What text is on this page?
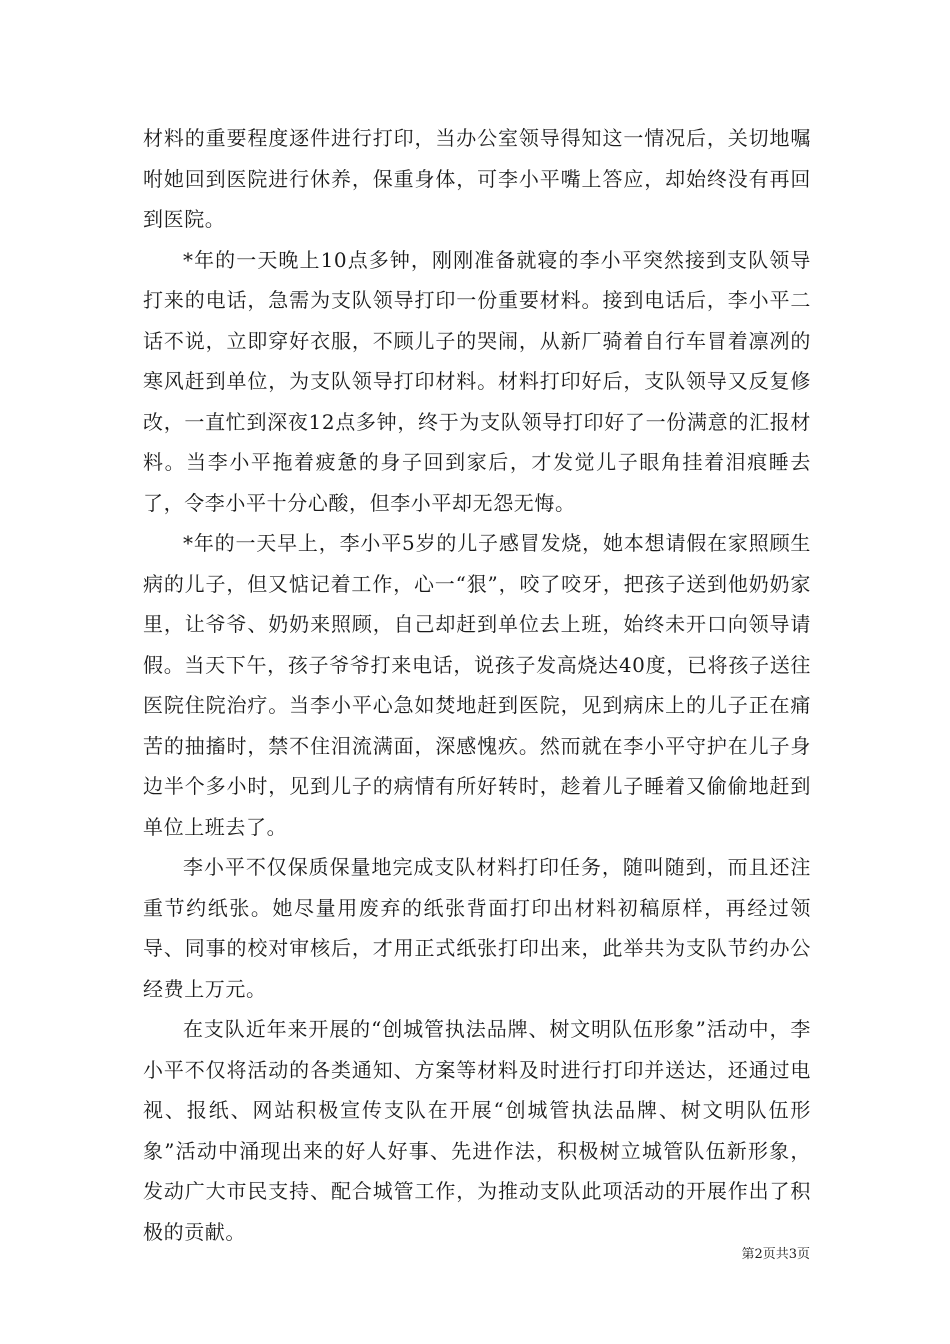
材料的重要程度逐件进行打印，当办公室领导得知这一情况后，关切地嘱咐她回到医院进行休养，保重身体，可李小平嘴上答应，却始终没有再回到医院。

*年的一天晚上10点多钟，刚刚准备就寝的李小平突然接到支队领导打来的电话，急需为支队领导打印一份重要材料。接到电话后，李小平二话不说，立即穿好衣服，不顾儿子的哭闹，从新厂骑着自行车冒着凛冽的寒风赶到单位，为支队领导打印材料。材料打印好后，支队领导又反复修改，一直忙到深夜12点多钟，终于为支队领导打印好了一份满意的汇报材料。当李小平拖着疲惫的身子回到家后，才发觉儿子眼角挂着泪痕睡去了，令李小平十分心酸，但李小平却无怨无悔。

*年的一天早上，李小平5岁的儿子感冒发烧，她本想请假在家照顾生病的儿子，但又惦记着工作，心一“狠”，咬了咬牙，把孩子送到他奶奶家里，让爷爷、奶奶来照顾，自己却赶到单位去上班，始终未开口向领导请假。当天下午，孩子爷爷打来电话，说孩子发高烧达40度，已将孩子送往医院住院治疗。当李小平心急如焚地赶到医院，见到病床上的儿子正在痛苦的抽搐时，禁不住泪流满面，深感愧疚。然而就在李小平守护在儿子身边半个多小时，见到儿子的病情有所好转时，趁着儿子睡着又偷偷地赶到单位上班去了。

李小平不仅保质保量地完成支队材料打印任务，随叫随到，而且还注重节约纸张。她尽量用废弃的纸张背面打印出材料初稿原样，再经过领导、同事的校对审核后，才用正式纸张打印出来，此举共为支队节约办公经费上万元。

在支队近年来开展的“创城管执法品牌、树文明队伍形象”活动中，李小平不仅将活动的各类通知、方案等材料及时进行打印并送达，还通过电视、报纸、网站积极宣传支队在开展“创城管执法品牌、树文明队伍形象”活动中涌现出来的好人好事、先进作法，积极树立城管队伍新形象，发动广大市民支持、配合城管工作，为推动支队此项活动的开展作出了积极的贡献。

第2页共3页
